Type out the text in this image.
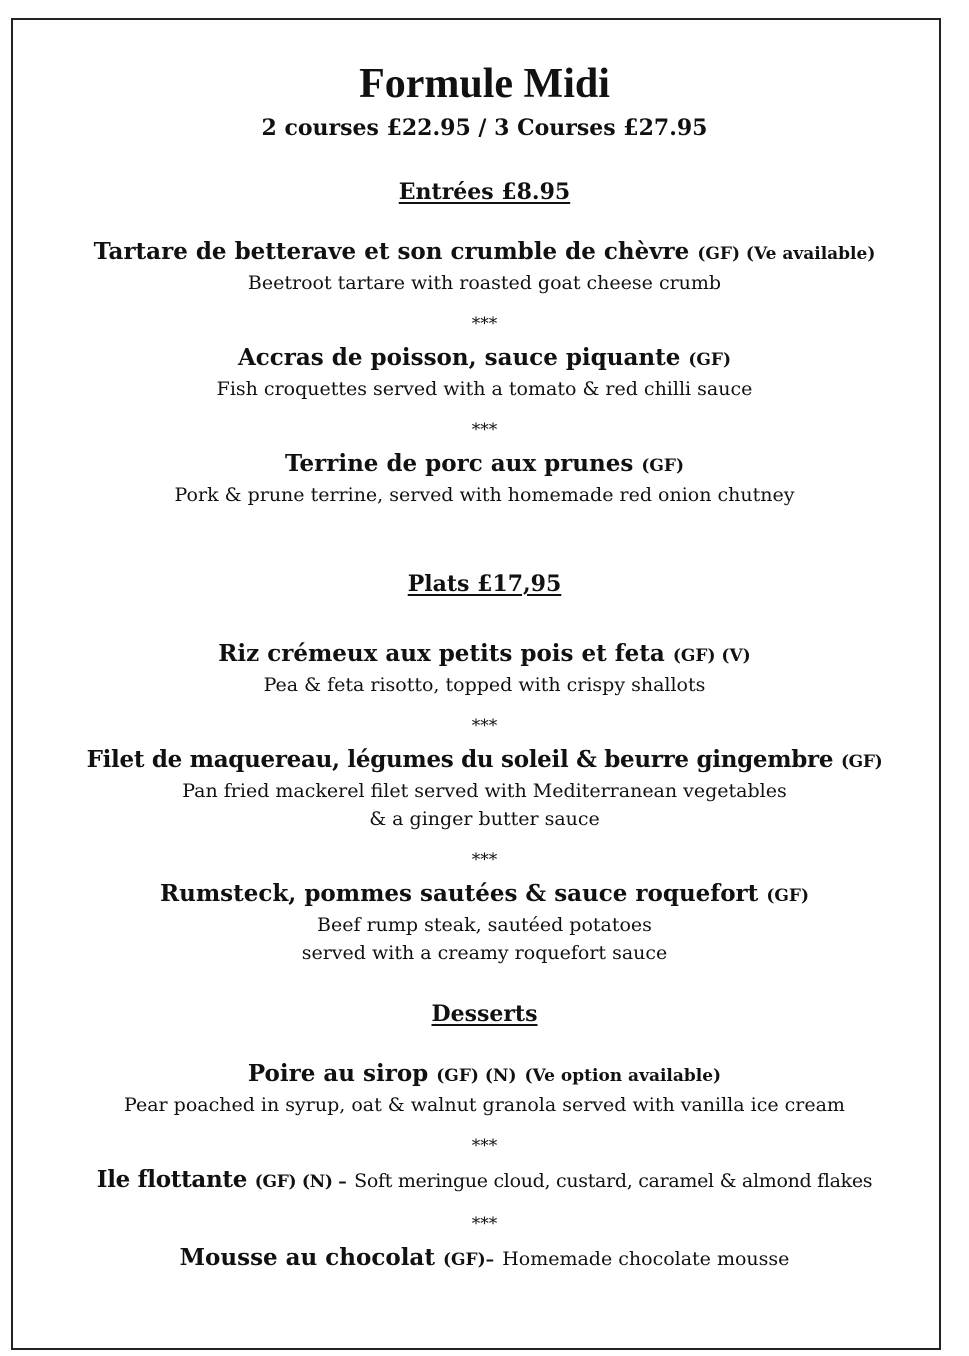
Formule Midi
2 courses £22.95 / 3 Courses £27.95
Entrées £8.95
Tartare de betterave et son crumble de chèvre (GF) (Ve available)
Beetroot tartare with roasted goat cheese crumb
***
Accras de poisson, sauce piquante (GF)
Fish croquettes served with a tomato & red chilli sauce
***
Terrine de porc aux prunes (GF)
Pork & prune terrine, served with homemade red onion chutney
Plats £17,95
Riz crémeux aux petits pois et feta (GF) (V)
Pea & feta risotto, topped with crispy shallots
***
Filet de maquereau, légumes du soleil & beurre gingembre (GF)
Pan fried mackerel filet served with Mediterranean vegetables
& a ginger butter sauce
***
Rumsteck, pommes sautées & sauce roquefort (GF)
Beef rump steak, sautéed potatoes
served with a creamy roquefort sauce
Desserts
Poire au sirop (GF) (N) (Ve option available)
Pear poached in syrup, oat & walnut granola served with vanilla ice cream
***
Ile flottante (GF) (N) – Soft meringue cloud, custard, caramel & almond flakes
***
Mousse au chocolat (GF)– Homemade chocolate mousse
